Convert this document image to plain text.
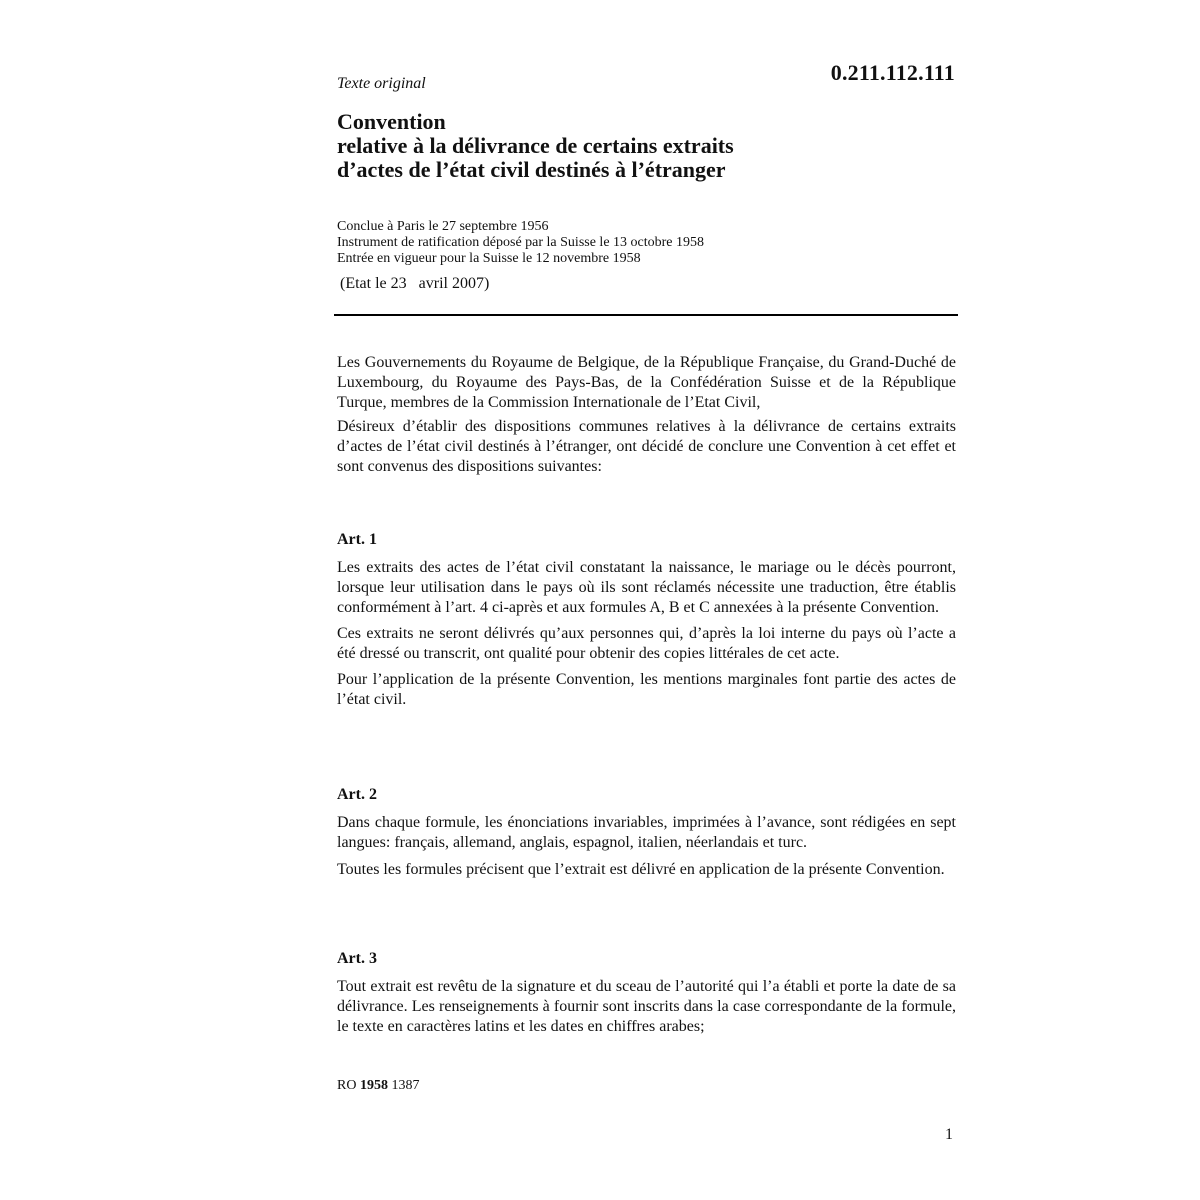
0.211.112.111
Texte original
Convention
relative à la délivrance de certains extraits
d’actes de l’état civil destinés à l’étranger
Conclue à Paris le 27 septembre 1956
Instrument de ratification déposé par la Suisse le 13 octobre 1958
Entrée en vigueur pour la Suisse le 12 novembre 1958
(Etat le 23   avril 2007)

Les Gouvernements du Royaume de Belgique, de la République Française, du Grand-Duché de Luxembourg, du Royaume des Pays-Bas, de la Confédération Suisse et de la République Turque, membres de la Commission Internationale de l’Etat Civil,

Désireux d’établir des dispositions communes relatives à la délivrance de certains extraits d’actes de l’état civil destinés à l’étranger, ont décidé de conclure une Convention à cet effet et sont convenus des dispositions suivantes:

Art. 1

Les extraits des actes de l’état civil constatant la naissance, le mariage ou le décès pourront, lorsque leur utilisation dans le pays où ils sont réclamés nécessite une traduction, être établis conformément à l’art. 4 ci-après et aux formules A, B et C annexées à la présente Convention.

Ces extraits ne seront délivrés qu’aux personnes qui, d’après la loi interne du pays où l’acte a été dressé ou transcrit, ont qualité pour obtenir des copies littérales de cet acte.

Pour l’application de la présente Convention, les mentions marginales font partie des actes de l’état civil.

Art. 2

Dans chaque formule, les énonciations invariables, imprimées à l’avance, sont rédigées en sept langues: français, allemand, anglais, espagnol, italien, néerlandais et turc.

Toutes les formules précisent que l’extrait est délivré en application de la présente Convention.

Art. 3

Tout extrait est revêtu de la signature et du sceau de l’autorité qui l’a établi et porte la date de sa délivrance. Les renseignements à fournir sont inscrits dans la case correspondante de la formule, le texte en caractères latins et les dates en chiffres arabes;

RO 1958 1387
1
